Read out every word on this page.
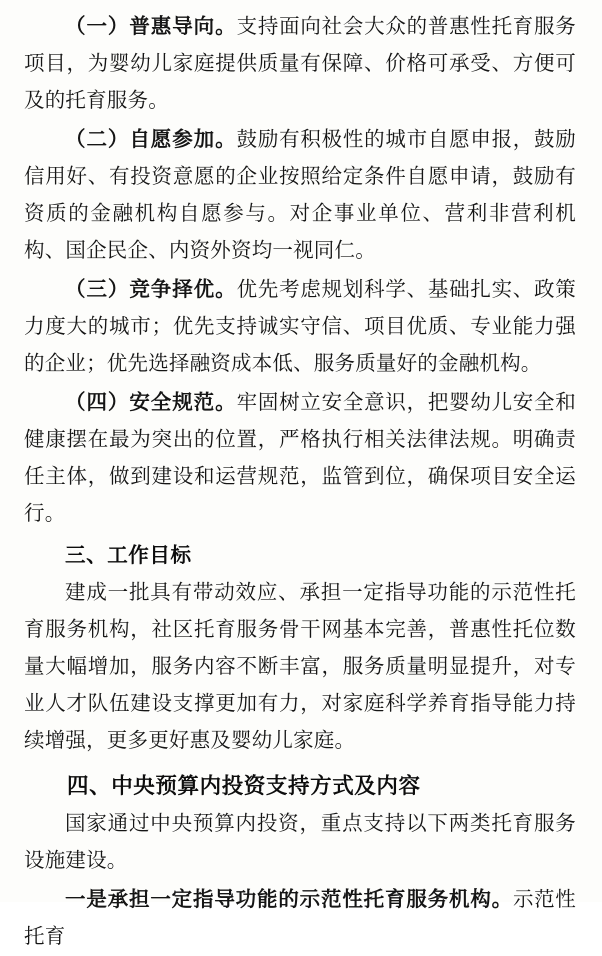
（一）普惠导向。支持面向社会大众的普惠性托育服务项目，为婴幼儿家庭提供质量有保障、价格可承受、方便可及的托育服务。

（二）自愿参加。鼓励有积极性的城市自愿申报，鼓励信用好、有投资意愿的企业按照给定条件自愿申请，鼓励有资质的金融机构自愿参与。对企事业单位、营利非营利机构、国企民企、内资外资均一视同仁。

（三）竞争择优。优先考虑规划科学、基础扎实、政策力度大的城市；优先支持诚实守信、项目优质、专业能力强的企业；优先选择融资成本低、服务质量好的金融机构。

（四）安全规范。牢固树立安全意识，把婴幼儿安全和健康摆在最为突出的位置，严格执行相关法律法规。明确责任主体，做到建设和运营规范，监管到位，确保项目安全运行。

三、工作目标

建成一批具有带动效应、承担一定指导功能的示范性托育服务机构，社区托育服务骨干网基本完善，普惠性托位数量大幅增加，服务内容不断丰富，服务质量明显提升，对专业人才队伍建设支撑更加有力，对家庭科学养育指导能力持续增强，更多更好惠及婴幼儿家庭。

四、中央预算内投资支持方式及内容

国家通过中央预算内投资，重点支持以下两类托育服务设施建设。

一是承担一定指导功能的示范性托育服务机构。示范性托育
